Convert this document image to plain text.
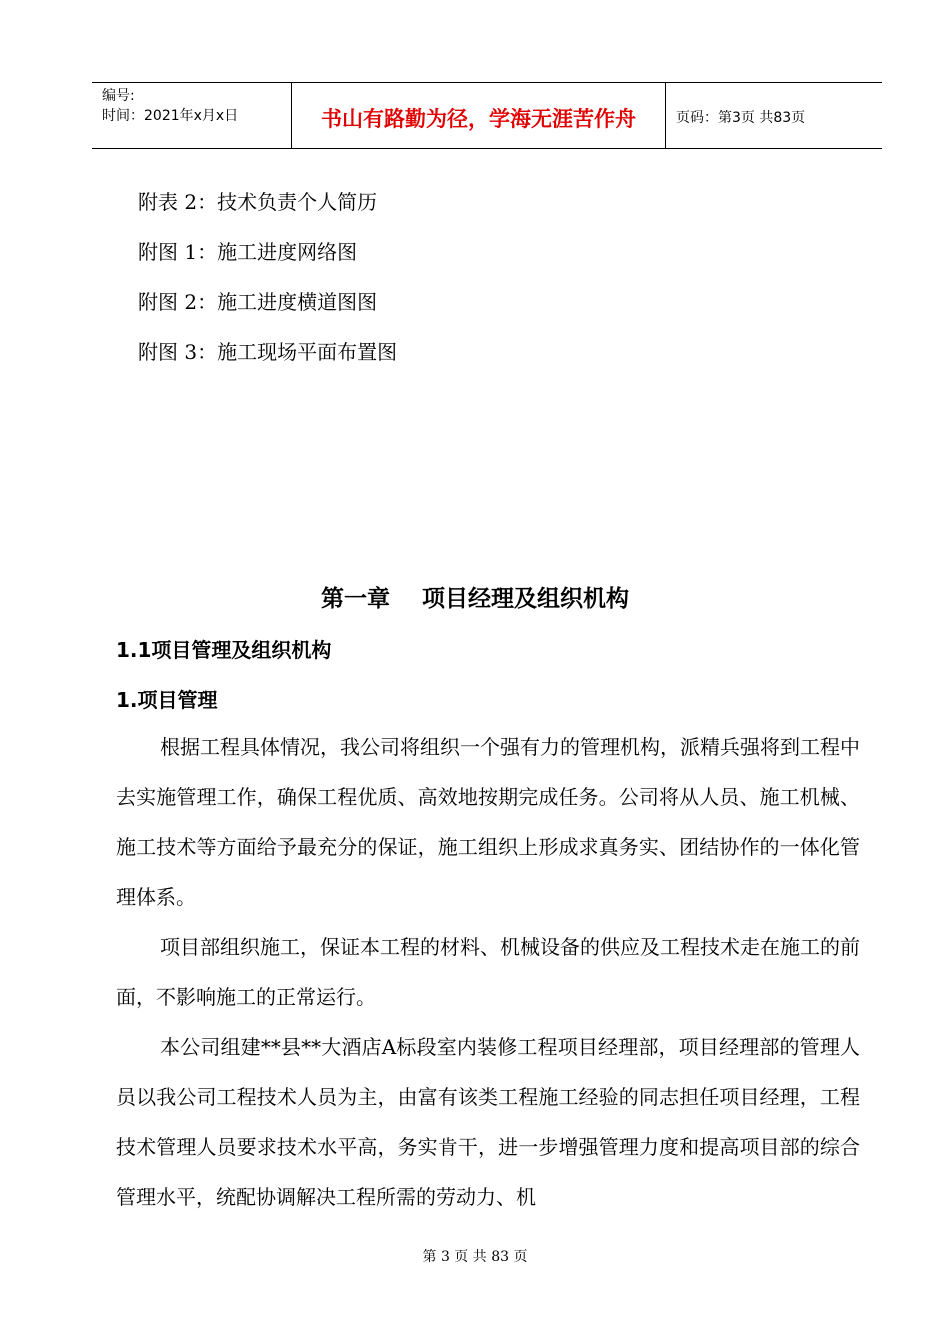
编号:
时间：2021年x月x日	书山有路勤为径，学海无涯苦作舟	页码：第3页 共83页
附表 2：技术负责个人简历
附图 1：施工进度网络图
附图 2：施工进度横道图图
附图 3：施工现场平面布置图
第一章    项目经理及组织机构
1.1项目管理及组织机构
1.项目管理
根据工程具体情况，我公司将组织一个强有力的管理机构，派精兵强将到工程中去实施管理工作，确保工程优质、高效地按期完成任务。公司将从人员、施工机械、施工技术等方面给予最充分的保证，施工组织上形成求真务实、团结协作的一体化管理体系。
项目部组织施工，保证本工程的材料、机械设备的供应及工程技术走在施工的前面，不影响施工的正常运行。
本公司组建**县**大酒店A标段室内装修工程项目经理部，项目经理部的管理人员以我公司工程技术人员为主，由富有该类工程施工经验的同志担任项目经理，工程技术管理人员要求技术水平高，务实肯干，进一步增强管理力度和提高项目部的综合管理水平，统配协调解决工程所需的劳动力、机
第 3 页 共 83 页
